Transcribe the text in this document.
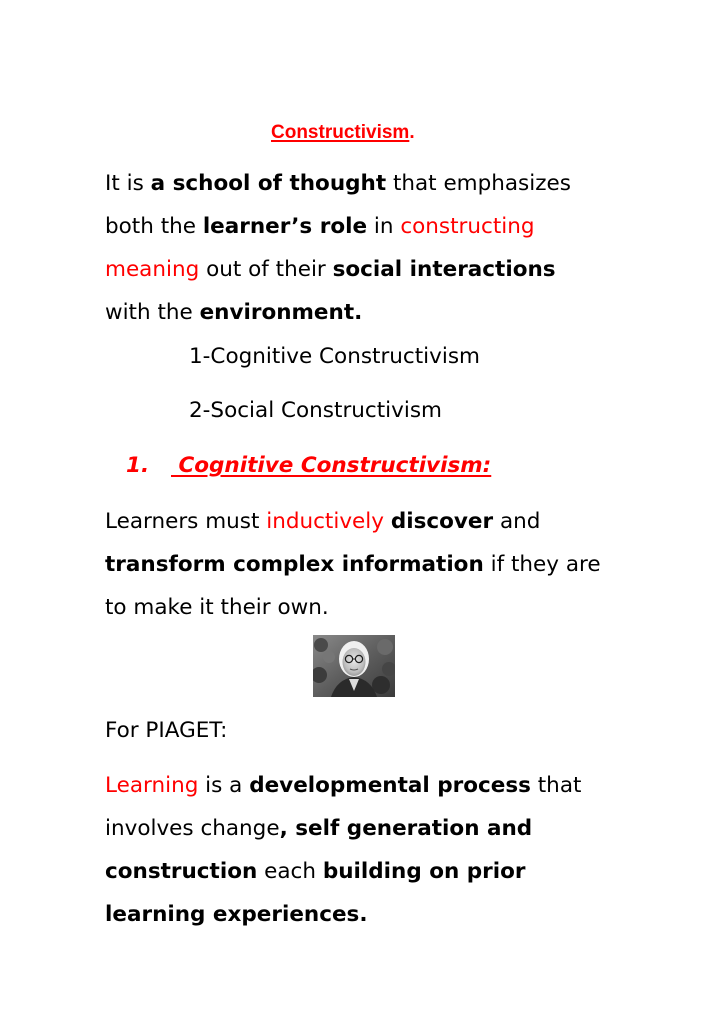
Constructivism.
It is a school of thought that emphasizes
both the learner’s role in constructing
meaning out of their social interactions
with the environment.
1-Cognitive Constructivism
2-Social Constructivism
1. Cognitive Constructivism:
Learners must inductively discover and
transform complex information if they are
to make it their own.
For PIAGET:
Learning is a developmental process that
involves change, self generation and
construction each building on prior
learning experiences.
